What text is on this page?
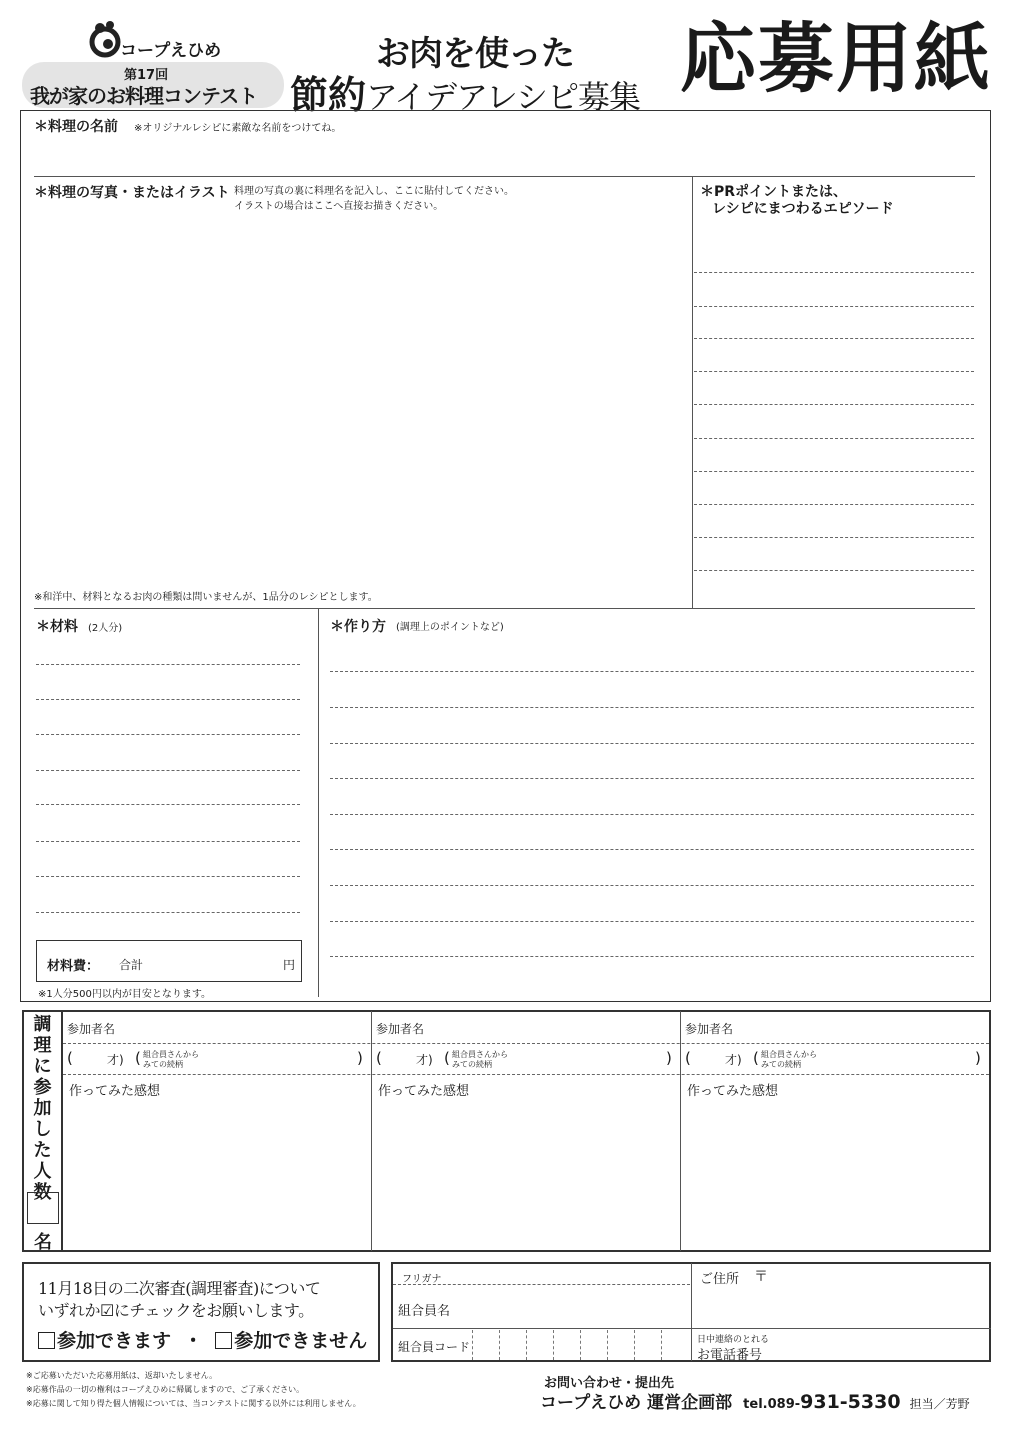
コープえひめ
第17回
我が家のお料理コンテスト
お肉を使った
節約アイデアレシピ募集 応募用紙
＊料理の名前 ※オリジナルレシピに素敵な名前をつけてね。
＊料理の写真・またはイラスト 料理の写真の裏に料理名を記入し、ここに貼付してください。
イラストの場合はここへ直接お描きください。
※和洋中、材料となるお肉の種類は問いませんが、1品分のレシピとします。
＊PRポイントまたは、
レシピにまつわるエピソード
＊材料 (2人分)
材料費： 合計	円
※1人分500円以内が目安となります。
＊作り方 (調理上のポイントなど)
調
理
に
参
加
し
た
人
数
名
参加者名
(	才) ( 組合員さんから
みての続柄	)
作ってみた感想
参加者名
(	才) ( 組合員さんから
みての続柄	)
作ってみた感想
参加者名
(	才) ( 組合員さんから
みての続柄	)
作ってみた感想
11月18日の二次審査(調理審査)について
いずれか☑にチェックをお願いします。
参加できます ・ 参加できません
フリガナ
組合員名
組合員コード
ご住所 〒
日中連絡のとれる
お電話番号
※ご応募いただいた応募用紙は、返却いたしません。
※応募作品の一切の権利はコープえひめに帰属しますので、ご了承ください。
※応募に関して知り得た個人情報については、当コンテストに関する以外には利用しません。
お問い合わせ・提出先
コープえひめ 運営企画部 tel.089-931-5330 担当／芳野
